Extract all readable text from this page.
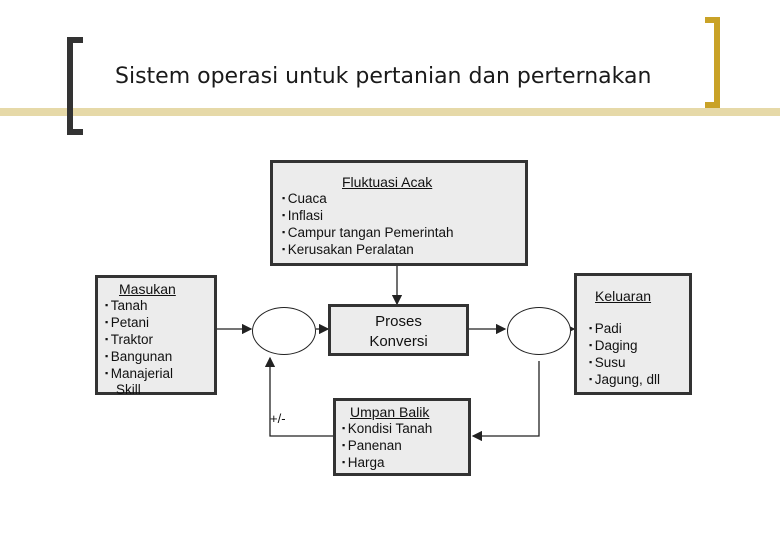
Sistem operasi untuk pertanian dan perternakan
Fluktuasi Acak
▪ Cuaca
▪ Inflasi
▪ Campur tangan Pemerintah
▪ Kerusakan Peralatan
Masukan
▪ Tanah
▪ Petani
▪ Traktor
▪ Bangunan
▪ Manajerial
Skill
Proses
Konversi
Keluaran
▪ Padi
▪ Daging
▪ Susu
▪ Jagung, dll
Umpan Balik
▪ Kondisi Tanah
▪ Panenan
▪ Harga
+/-
